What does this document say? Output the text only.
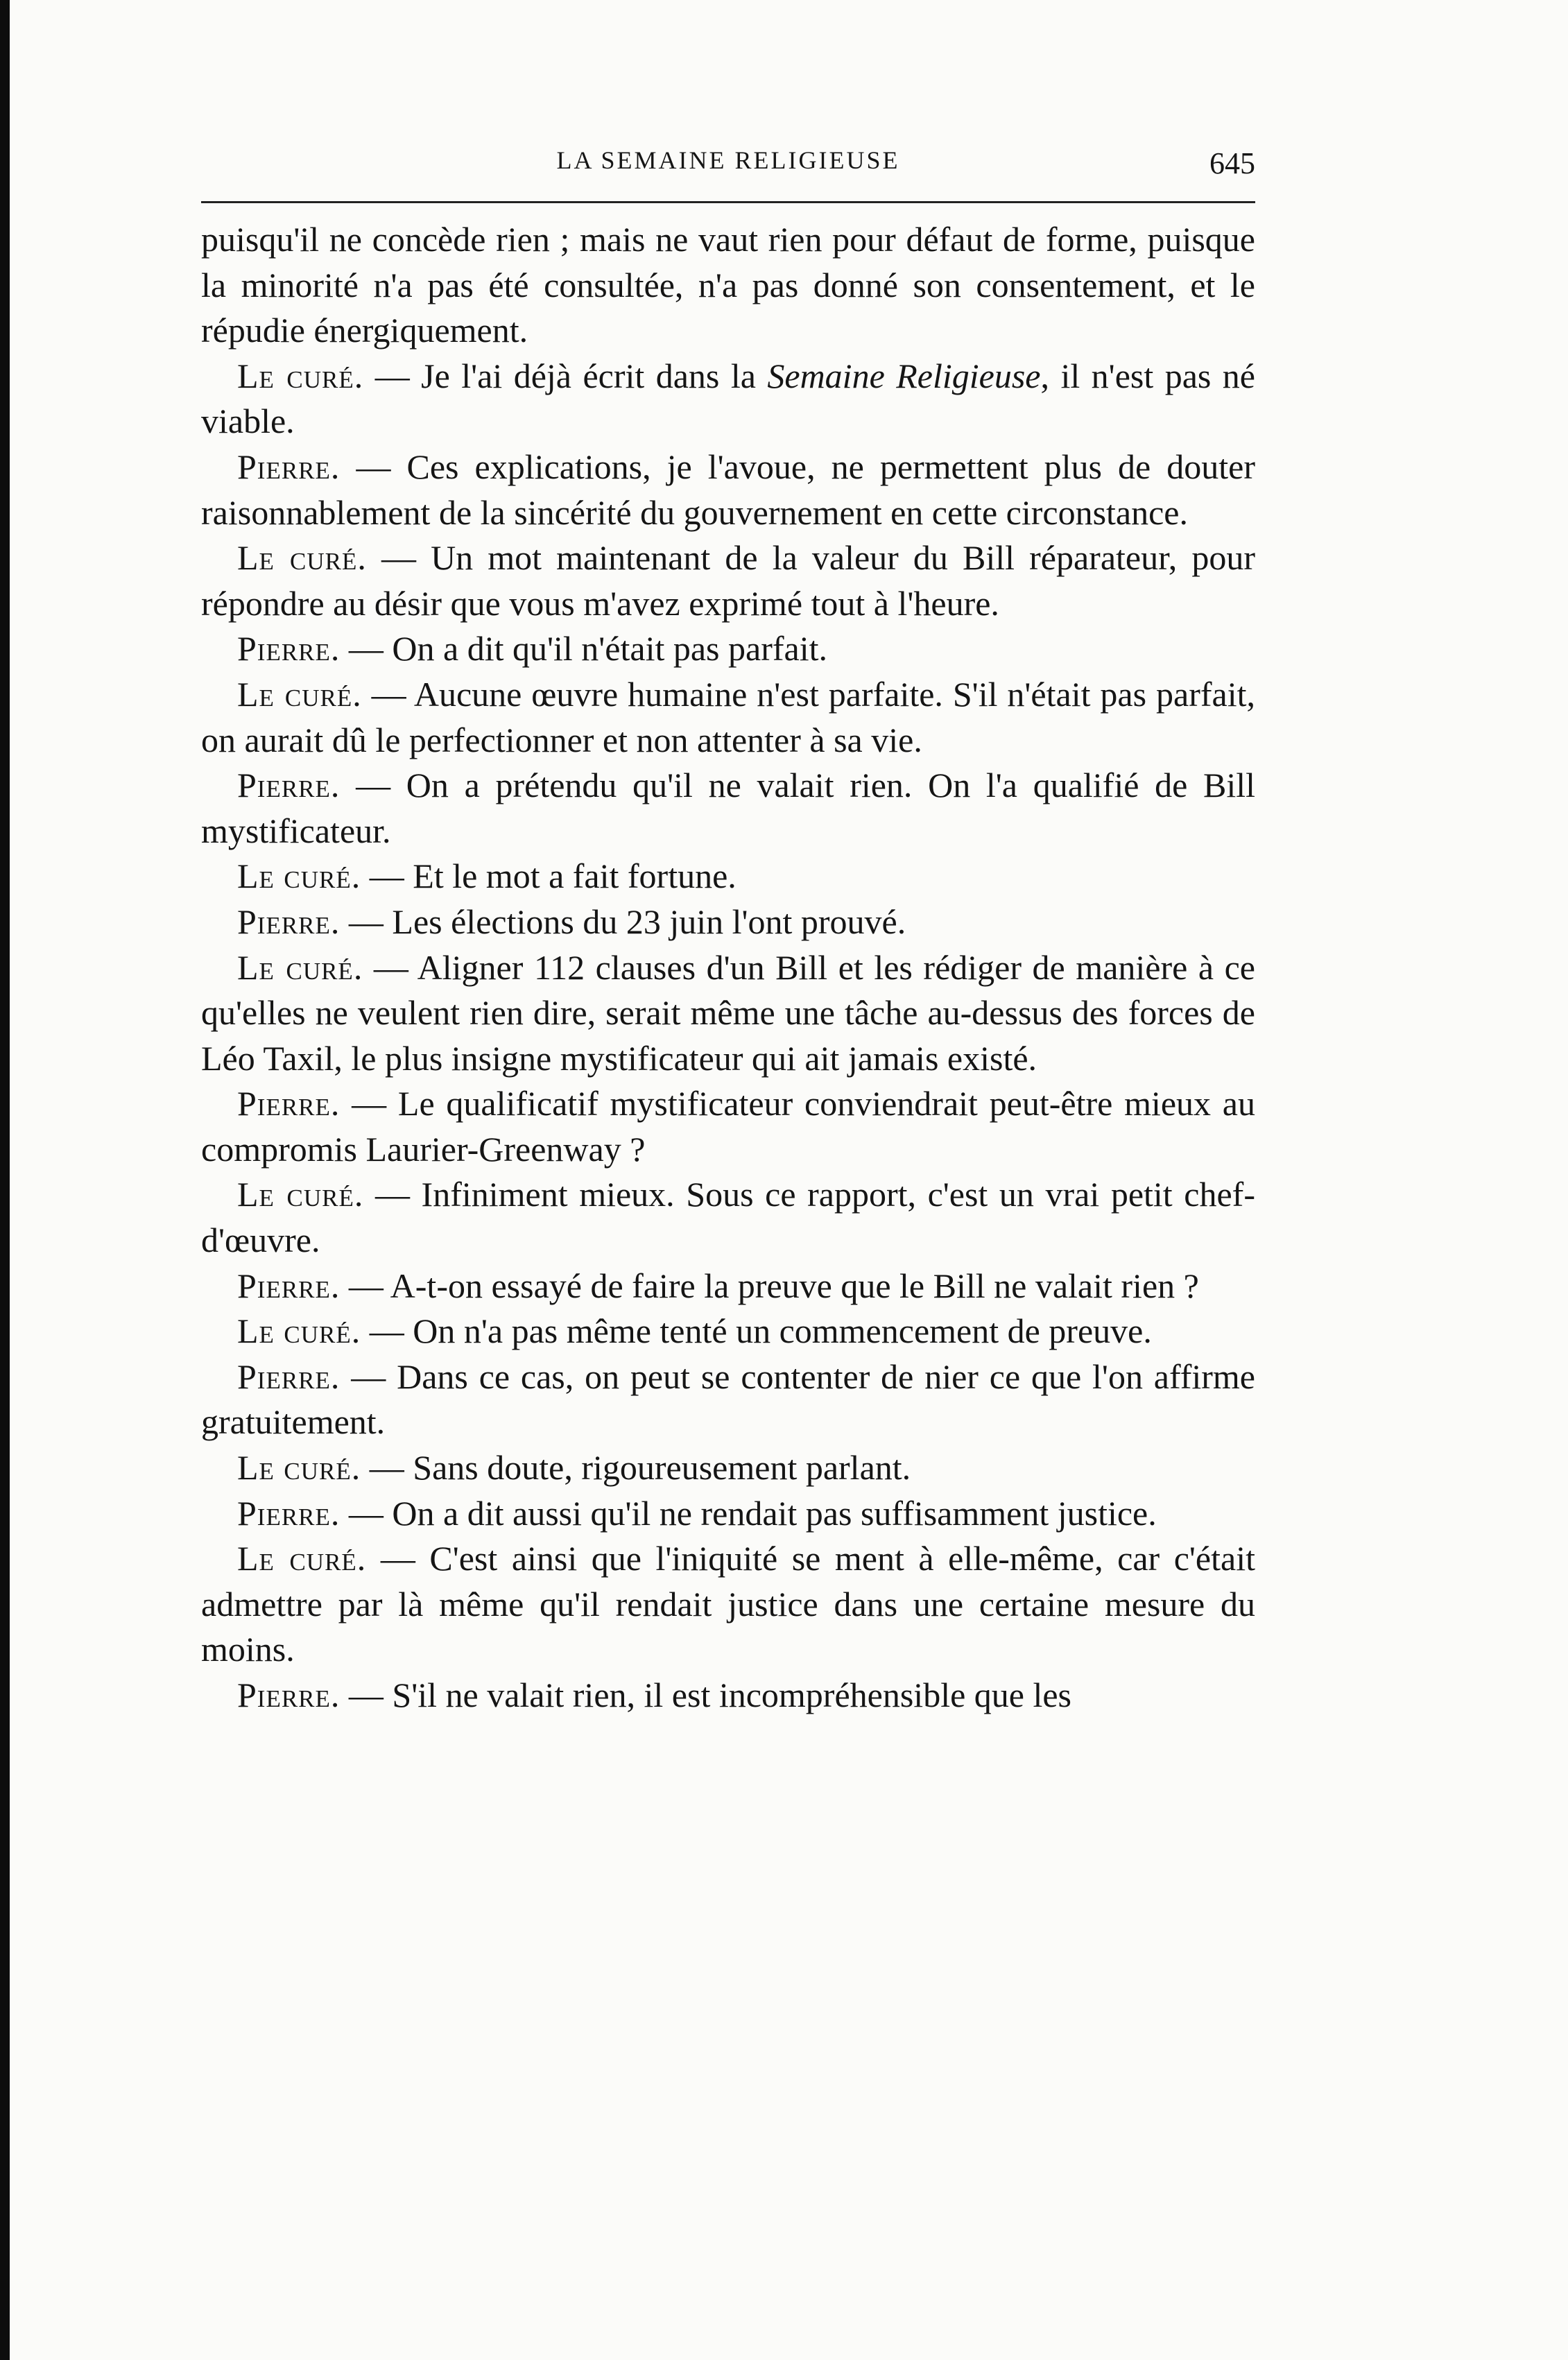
LA SEMAINE RELIGIEUSE	645

puisqu'il ne concède rien ; mais ne vaut rien pour défaut de forme, puisque la minorité n'a pas été consultée, n'a pas donné son consentement, et le répudie énergiquement.

Le curé. — Je l'ai déjà écrit dans la Semaine Religieuse, il n'est pas né viable.

Pierre. — Ces explications, je l'avoue, ne permettent plus de douter raisonnablement de la sincérité du gouvernement en cette circonstance.

Le curé. — Un mot maintenant de la valeur du Bill réparateur, pour répondre au désir que vous m'avez exprimé tout à l'heure.

Pierre. — On a dit qu'il n'était pas parfait.

Le curé. — Aucune œuvre humaine n'est parfaite. S'il n'était pas parfait, on aurait dû le perfectionner et non attenter à sa vie.

Pierre. — On a prétendu qu'il ne valait rien. On l'a qualifié de Bill mystificateur.

Le curé. — Et le mot a fait fortune.

Pierre. — Les élections du 23 juin l'ont prouvé.

Le curé. — Aligner 112 clauses d'un Bill et les rédiger de manière à ce qu'elles ne veulent rien dire, serait même une tâche au-dessus des forces de Léo Taxil, le plus insigne mystificateur qui ait jamais existé.

Pierre. — Le qualificatif mystificateur conviendrait peut-être mieux au compromis Laurier-Greenway ?

Le curé. — Infiniment mieux. Sous ce rapport, c'est un vrai petit chef-d'œuvre.

Pierre. — A-t-on essayé de faire la preuve que le Bill ne valait rien ?

Le curé. — On n'a pas même tenté un commencement de preuve.

Pierre. — Dans ce cas, on peut se contenter de nier ce que l'on affirme gratuitement.

Le curé. — Sans doute, rigoureusement parlant.

Pierre. — On a dit aussi qu'il ne rendait pas suffisamment justice.

Le curé. — C'est ainsi que l'iniquité se ment à elle-même, car c'était admettre par là même qu'il rendait justice dans une certaine mesure du moins.

Pierre. — S'il ne valait rien, il est incompréhensible que les
